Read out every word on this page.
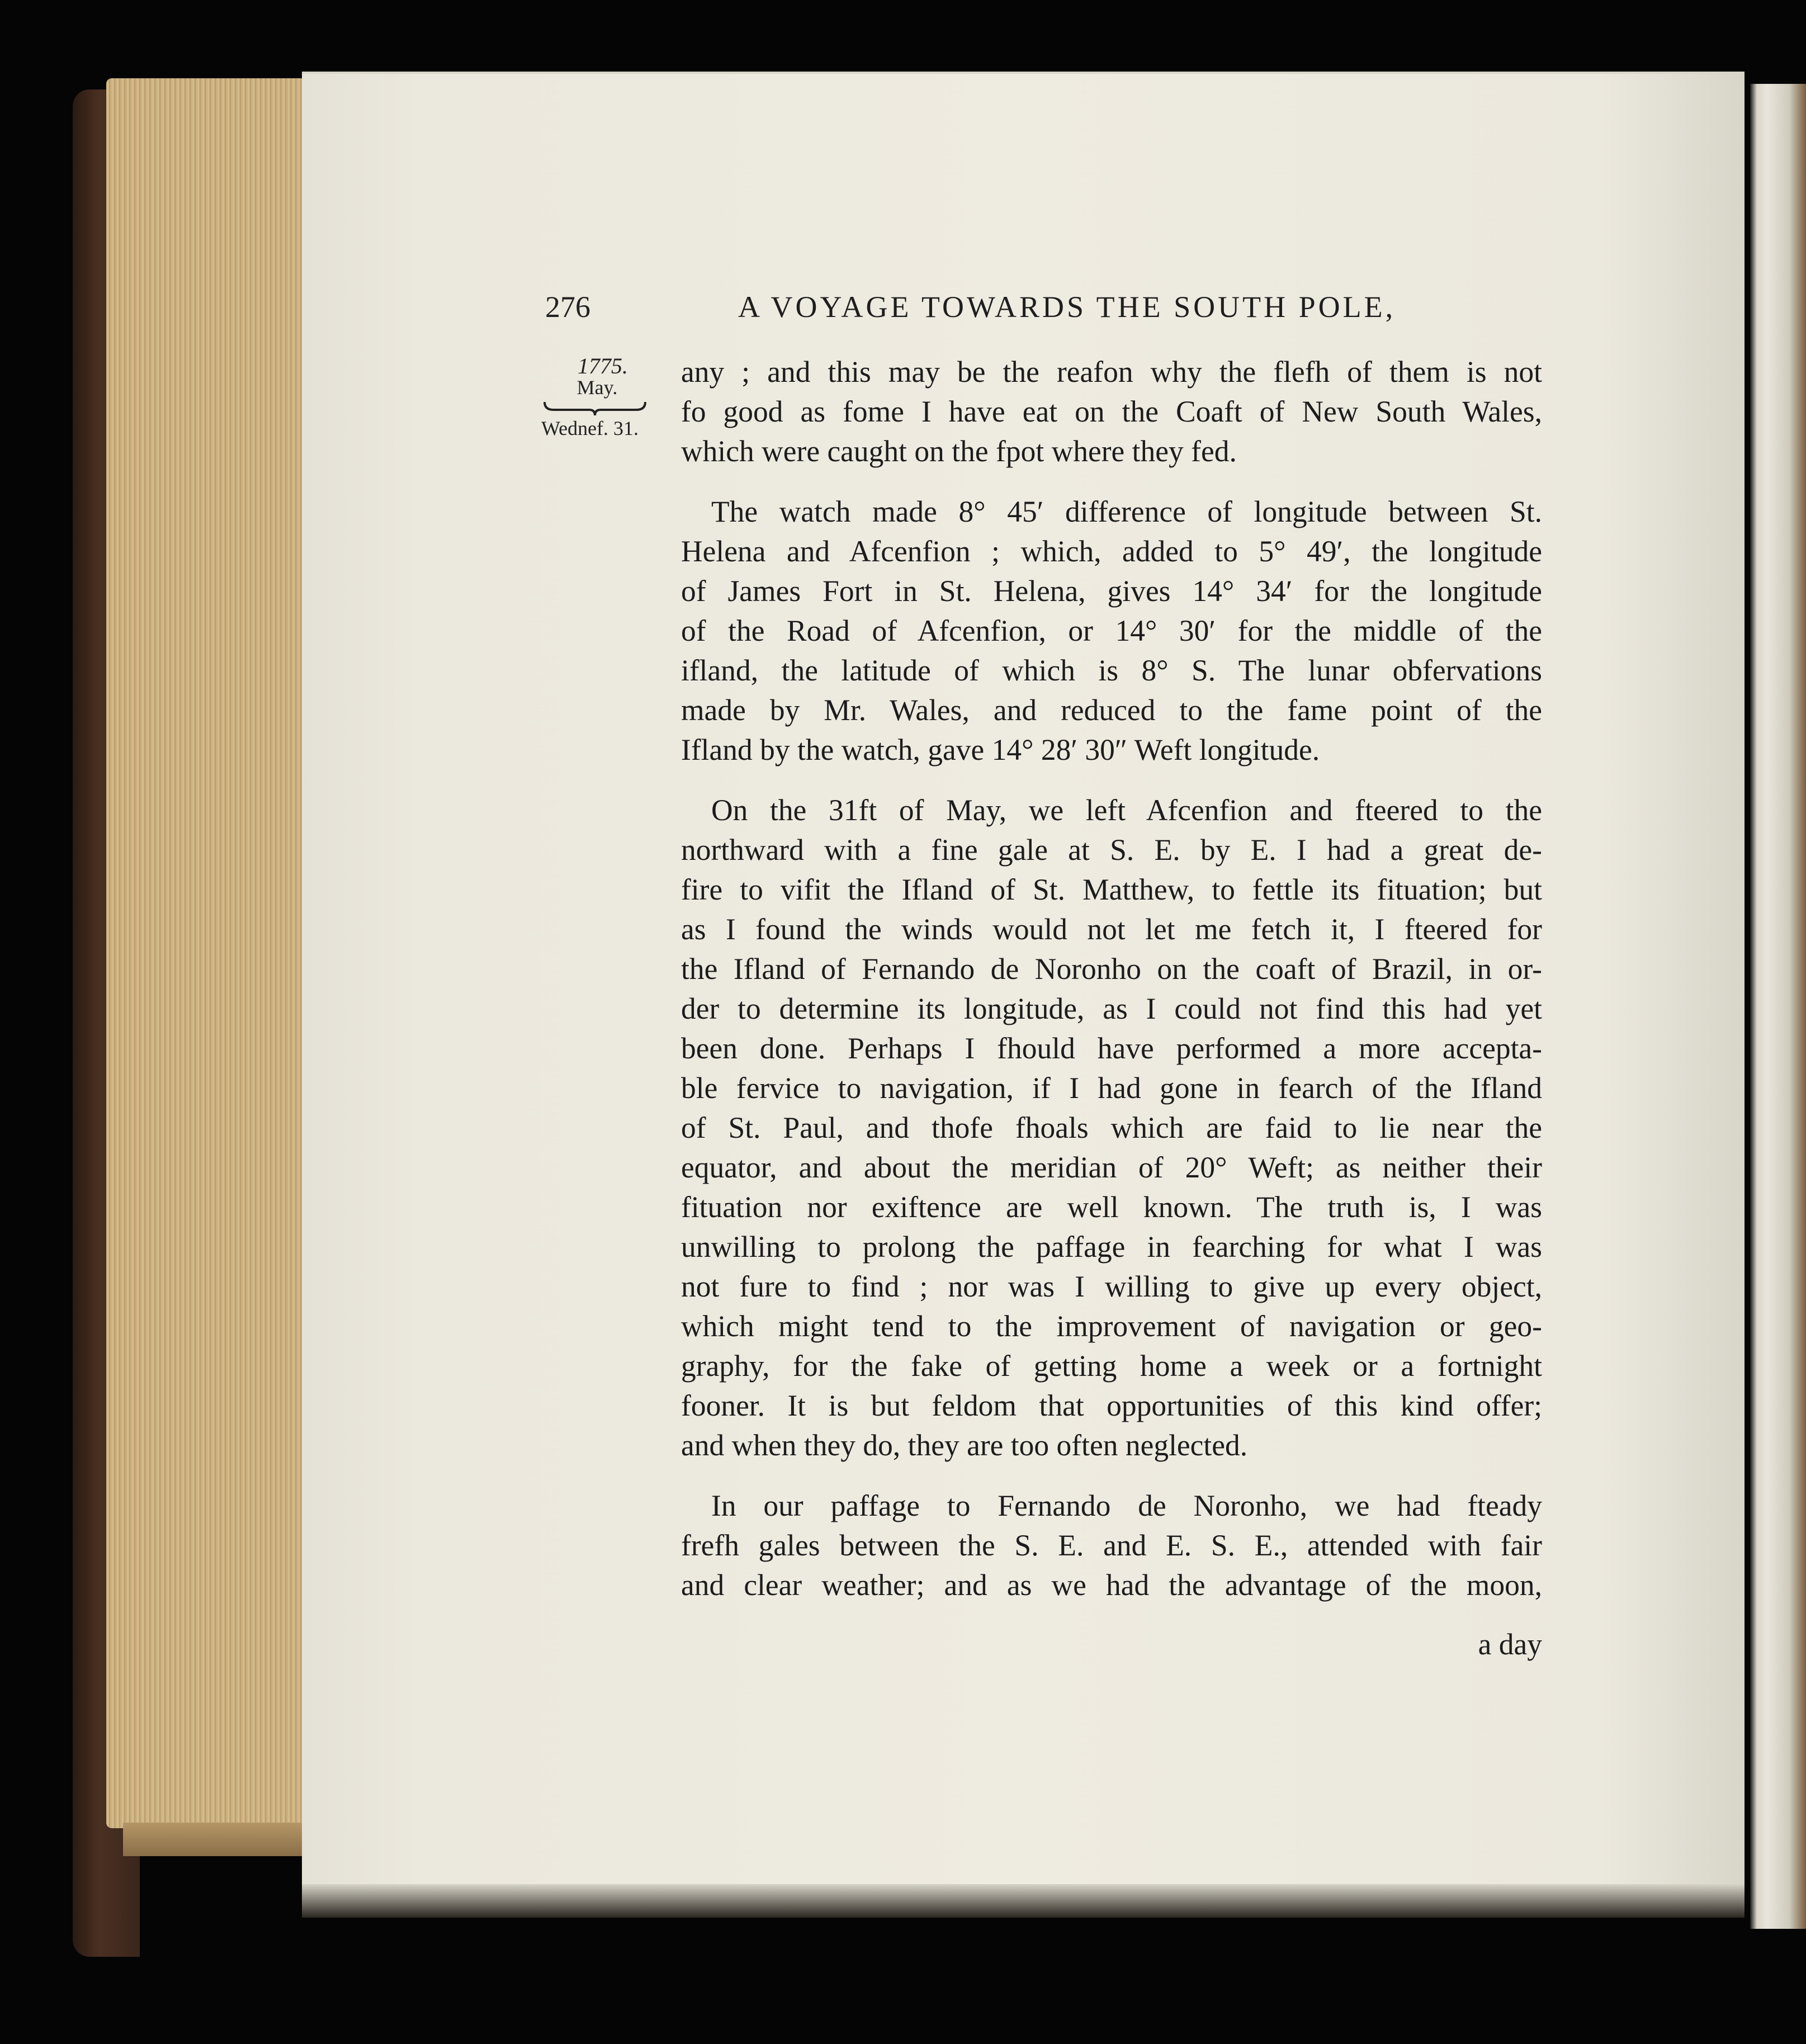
276	A VOYAGE TOWARDS THE SOUTH POLE,
1775.
May.
Wednef. 31.

any ; and this may be the reafon why the flefh of them is not
fo good as fome I have eat on the Coaft of New South Wales,
which were caught on the fpot where they fed.

The watch made 8° 45′ difference of longitude between St.
Helena and Afcenfion ; which, added to 5° 49′, the longitude
of James Fort in St. Helena, gives 14° 34′ for the longitude
of the Road of Afcenfion, or 14° 30′ for the middle of the
ifland, the latitude of which is 8° S. The lunar obfervations
made by Mr. Wales, and reduced to the fame point of the
Ifland by the watch, gave 14° 28′ 30″ Weft longitude.

On the 31ft of May, we left Afcenfion and fteered to the
northward with a fine gale at S. E. by E. I had a great de-
fire to vifit the Ifland of St. Matthew, to fettle its fituation; but
as I found the winds would not let me fetch it, I fteered for
the Ifland of Fernando de Noronho on the coaft of Brazil, in or-
der to determine its longitude, as I could not find this had yet
been done. Perhaps I fhould have performed a more accepta-
ble fervice to navigation, if I had gone in fearch of the Ifland
of St. Paul, and thofe fhoals which are faid to lie near the
equator, and about the meridian of 20° Weft; as neither their
fituation nor exiftence are well known. The truth is, I was
unwilling to prolong the paffage in fearching for what I was
not fure to find ; nor was I willing to give up every object,
which might tend to the improvement of navigation or geo-
graphy, for the fake of getting home a week or a fortnight
fooner. It is but feldom that opportunities of this kind offer;
and when they do, they are too often neglected.

In our paffage to Fernando de Noronho, we had fteady
frefh gales between the S. E. and E. S. E., attended with fair
and clear weather; and as we had the advantage of the moon,

a day
